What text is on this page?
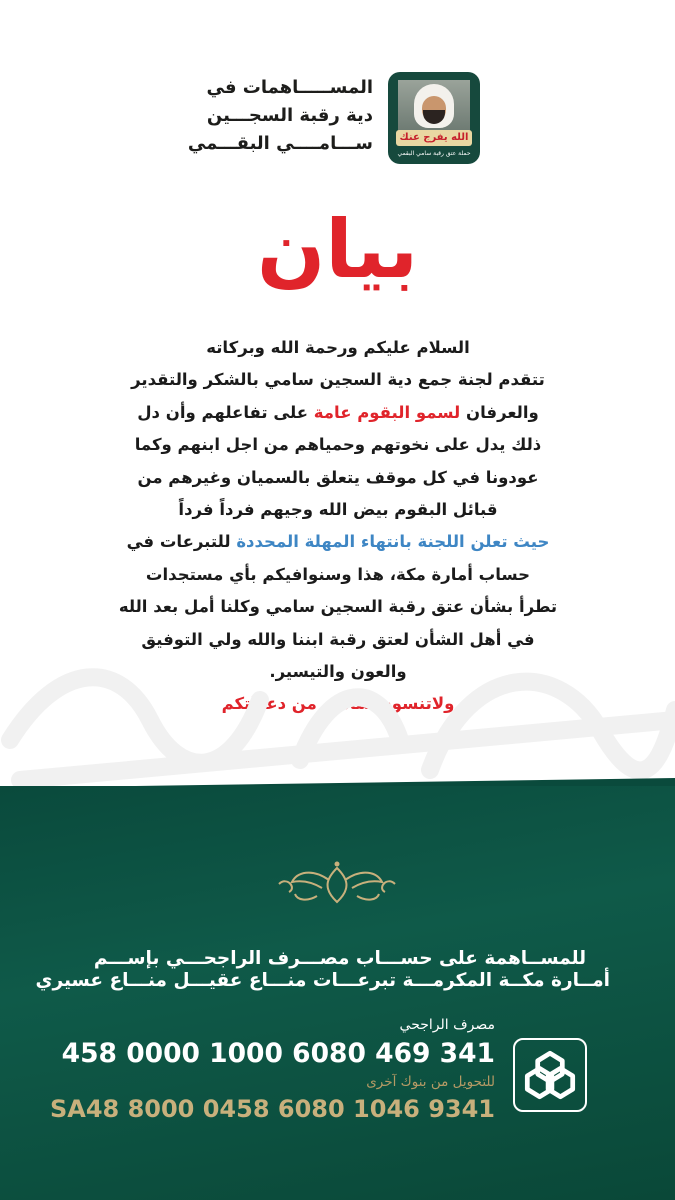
الله يفرج عنك
حملة عتق رقبة سامي البقمي
المســـــاهمات في
دية رقبة السجـــين
ســـامــــي البقـــمي
بيان

السلام عليكم ورحمة الله وبركاته

تتقدم لجنة جمع دية السجين سامي بالشكر والتقدير

والعرفان لسمو البقوم عامة على تفاعلهم وأن دل

ذلك يدل على نخوتهم وحمياهم من اجل ابنهم وكما

عودونا في كل موقف يتعلق بالسميان وغيرهم من

قبائل البقوم بيض الله وجيهم فرداً فرداً

حيث تعلن اللجنة بانتهاء المهلة المحددة للتبرعات في

حساب أمارة مكة، هذا وسنوافيكم بأي مستجدات

تطرأ بشأن عتق رقبة السجين سامي وكلنا أمل بعد الله

في أهل الشأن لعتق رقبة ابننا والله ولي التوفيق

والعون والتيسير.

ولاتنسون سامي من دعواتكم

للمســاهمة على حســـاب مصـــرف الراجحـــي بإســـم
أمــارة مكــة المكرمـــة تبرعـــات منـــاع عقيـــل منـــاع عسيري
مصرف الراجحي
458 0000 1000 6080 469 341
للتحويل من بنوك آخرى
SA48 8000 0458 6080 1046 9341
